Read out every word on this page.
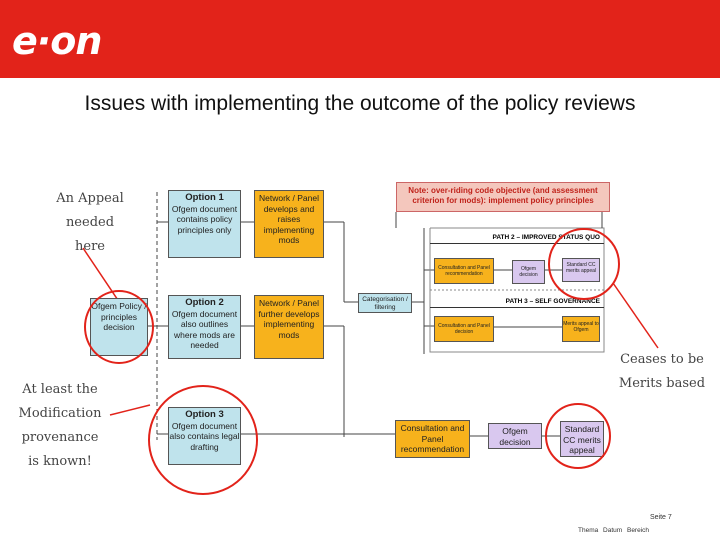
e·on
Issues with implementing the outcome of the policy reviews
Ofgem Policy / principles decision
Option 1
Ofgem document contains policy principles only
Option 2
Ofgem document also outlines where mods are needed
Option 3
Ofgem document also contains legal drafting
Network / Panel develops and raises implementing mods
Network / Panel further develops implementing mods
Categorisation / filtering
Note: over-riding code objective (and assessment criterion for mods): implement policy principles
PATH 2 – IMPROVED STATUS QUO
Consultation and Panel recommendation
Ofgem decision
Standard CC merits appeal
PATH 3 – SELF GOVERNANCE
Consultation and Panel decision
Merits appeal to Ofgem
Consultation and Panel recommendation
Ofgem decision
Standard CC merits appeal
An Appeal
needed here
At least the
Modification
provenance
is known!
Ceases to be
Merits based
Seite 7
Thema Datum Bereich
